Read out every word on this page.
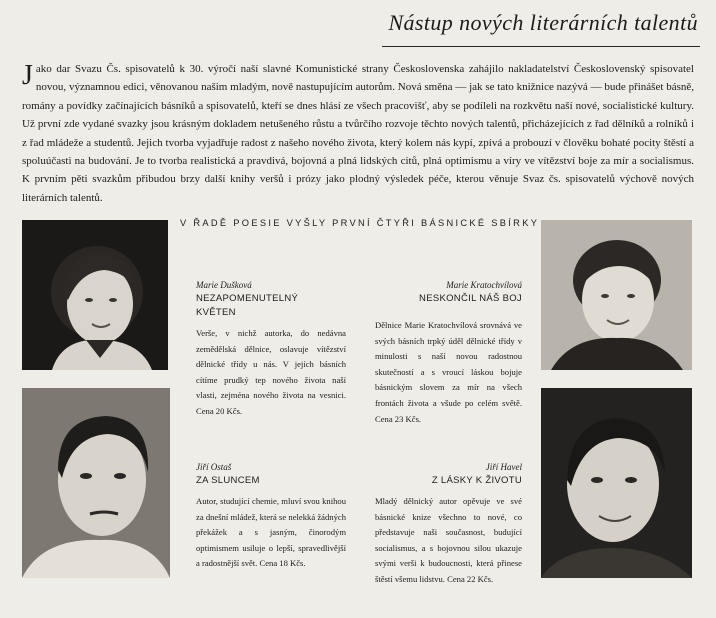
Nástup nových literárních talentů
J ako dar Svazu Čs. spisovatelů k 30. výročí naší slavné Komunistické strany Československa zahájilo nakladatelství Československý spisovatel novou, významnou edici, věnovanou našim mladým, nově nastupujícím autorům. Nová směna — jak se tato knižnice nazývá — bude přinášet básně, romány a povídky začínajících básníků a spisovatelů, kteří se dnes hlásí ze všech pracovišť, aby se podíleli na rozkvětu naší nové, socialistické kultury. Už první zde vydané svazky jsou krásným dokladem netušeného růstu a tvůrčího rozvoje těchto nových talentů, přicházejících z řad dělníků a rolníků i z řad mládeže a studentů. Jejich tvorba vyjadřuje radost z našeho nového života, který kolem nás kypí, zpívá a probouzí v člověku bohaté pocity štěstí a spoluúčasti na budování. Je to tvorba realistická a pravdivá, bojovná a plná lidských citů, plná optimismu a víry ve vítězství boje za mír a socialismus. K prvním pěti svazkům přibudou brzy další knihy veršů i prózy jako plodný výsledek péče, kterou věnuje Svaz čs. spisovatelů výchově nových literárních talentů.
V ŘADĚ POESIE VYŠLY PRVNÍ ČTYŘI BÁSNICKÉ SBÍRKY
Marie Dušková
NEZAPOMENUTELNÝ KVĚTEN
Verše, v nichž autorka, do nedávna zemědělská dělnice, oslavuje vítězství dělnické třídy u nás. V jejích básních cítíme prudký tep nového života naší vlasti, zejména nového života na vesnici. Cena 20 Kčs.
Marie Kratochvílová
NESKONČIL NÁŠ BOJ
Dělnice Marie Kratochvílová srovnává ve svých básních trpký úděl dělnické třídy v minulosti s naší novou radostnou skutečností a s vroucí láskou bojuje básnickým slovem za mír na všech frontách života a všude po celém světě. Cena 23 Kčs.
Jiří Ostaš
ZA SLUNCEM
Autor, studující chemie, mluví svou knihou za dnešní mládež, která se nelekká žádných překážek a s jasným, činorodým optimismem usiluje o lepší, spravedlivější a radostnější svět. Cena 18 Kčs.
Jiří Havel
Z LÁSKY K ŽIVOTU
Mladý dělnický autor opěvuje ve své básnické knize všechno to nové, co představuje naši současnost, budující socialismus, a s bojovnou silou ukazuje svými verši k budoucnosti, která přinese štěstí všemu lidstvu. Cena 22 Kčs.
